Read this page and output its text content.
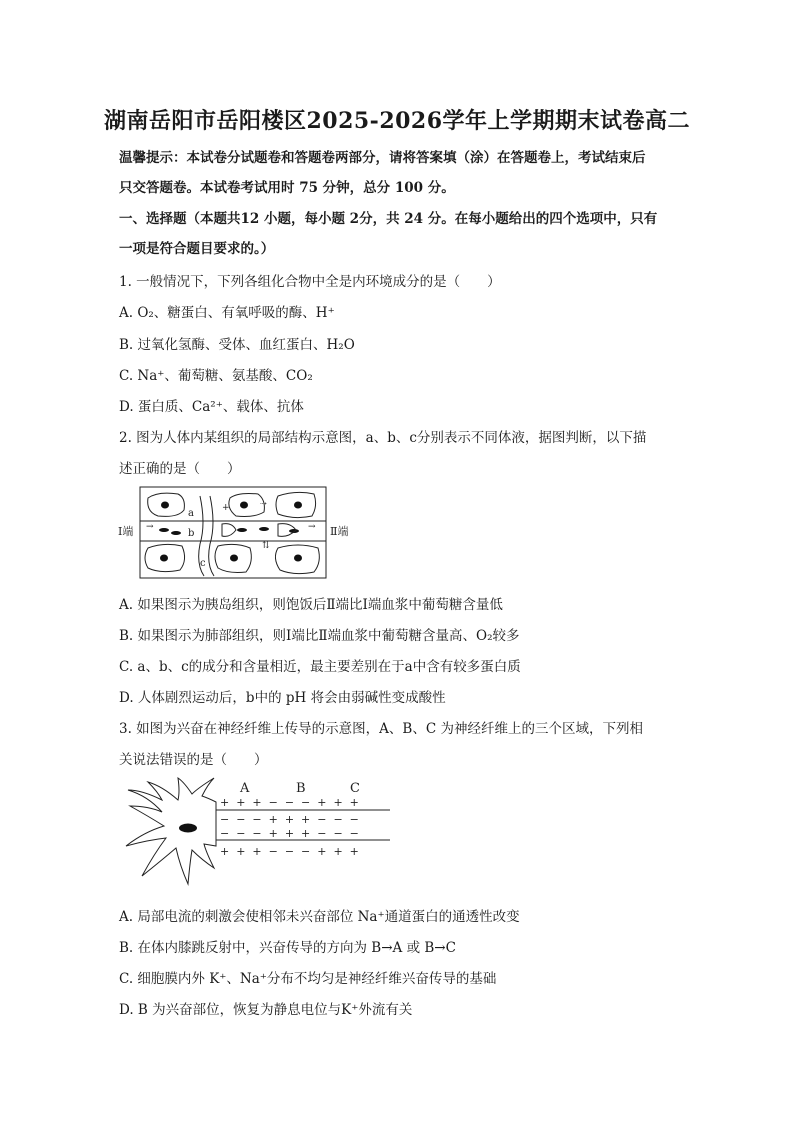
湖南岳阳市岳阳楼区2025-2026学年上学期期末试卷高二
温馨提示：本试卷分试题卷和答题卷两部分，请将答案填（涂）在答题卷上，考试结束后
只交答题卷。本试卷考试用时 75 分钟，总分 100 分。
一、选择题（本题共12 小题，每小题 2分，共 24 分。在每小题给出的四个选项中，只有
一项是符合题目要求的。）
1. 一般情况下，下列各组化合物中全是内环境成分的是（　　）
A. O₂、糖蛋白、有氧呼吸的酶、H⁺
B. 过氧化氢酶、受体、血红蛋白、H₂O
C. Na⁺、葡萄糖、氨基酸、CO₂
D. 蛋白质、Ca²⁺、载体、抗体
2. 图为人体内某组织的局部结构示意图，a、b、c分别表示不同体液，据图判断，以下描
述正确的是（　　）
→	→
⇢
⇅
+
Ⅰ端	Ⅱ端
a
b
c
A. 如果图示为胰岛组织，则饱饭后Ⅱ端比Ⅰ端血浆中葡萄糖含量低
B. 如果图示为肺部组织，则Ⅰ端比Ⅱ端血浆中葡萄糖含量高、O₂较多
C. a、b、c的成分和含量相近，最主要差别在于a中含有较多蛋白质
D. 人体剧烈运动后，b中的 pH 将会由弱碱性变成酸性
3. 如图为兴奋在神经纤维上传导的示意图，A、B、C 为神经纤维上的三个区域，下列相
关说法错误的是（　　）
A	B	C
+  +  +  −  −  −  +  +  +
−  −  −  +  +  +  −  −  −
−  −  −  +  +  +  −  −  −
+  +  +  −  −  −  +  +  +
A. 局部电流的刺激会使相邻未兴奋部位 Na⁺通道蛋白的通透性改变
B. 在体内膝跳反射中，兴奋传导的方向为 B→A 或 B→C
C. 细胞膜内外 K⁺、Na⁺分布不均匀是神经纤维兴奋传导的基础
D. B 为兴奋部位，恢复为静息电位与K⁺外流有关
